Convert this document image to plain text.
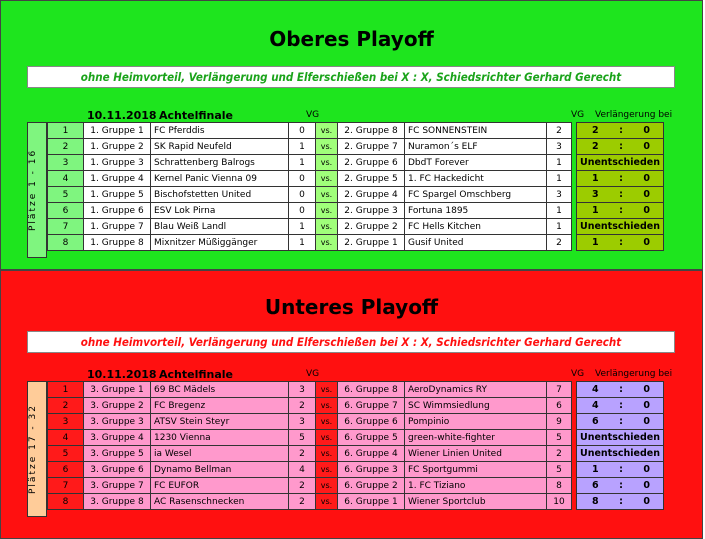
Oberes Playoff
ohne Heimvorteil, Verlängerung und Elferschießen bei X : X, Schiedsrichter Gerhard Gerecht
10.11.2018 Achtelfinale	VG	VG Verlängerung bei
Plätze 1 - 16
1	1. Gruppe 1	FC Pferddis	0	vs.	2. Gruppe 8	FC SONNENSTEIN	2		2 : 0

2	1. Gruppe 2	SK Rapid Neufeld	1	vs.	2. Gruppe 7	Nuramon´s ELF	3		2 : 0

3	1. Gruppe 3	Schrattenberg Balrogs	1	vs.	2. Gruppe 6	DbdT Forever	1		Unentschieden

4	1. Gruppe 4	Kernel Panic Vienna 09	0	vs.	2. Gruppe 5	1. FC Hackedicht	1		1 : 0

5	1. Gruppe 5	Bischofstetten United	0	vs.	2. Gruppe 4	FC Spargel Omschberg	3		3 : 0

6	1. Gruppe 6	ESV Lok Pirna	0	vs.	2. Gruppe 3	Fortuna 1895	1		1 : 0

7	1. Gruppe 7	Blau Weiß Landl	1	vs.	2. Gruppe 2	FC Hells Kitchen	1		Unentschieden

8	1. Gruppe 8	Mixnitzer Müßiggänger	1	vs.	2. Gruppe 1	Gusif United	2		1 : 0
Unteres Playoff
ohne Heimvorteil, Verlängerung und Elferschießen bei X : X, Schiedsrichter Gerhard Gerecht
10.11.2018 Achtelfinale	VG	VG Verlängerung bei
Plätze 17 - 32
1	3. Gruppe 1	69 BC Mädels	3	vs.	6. Gruppe 8	AeroDynamics RY	7		4 : 0

2	3. Gruppe 2	FC Bregenz	2	vs.	6. Gruppe 7	SC Wimmsiedlung	6		4 : 0

3	3. Gruppe 3	ATSV Stein Steyr	3	vs.	6. Gruppe 6	Pompinio	9		6 : 0

4	3. Gruppe 4	1230 Vienna	5	vs.	6. Gruppe 5	green-white-fighter	5		Unentschieden

5	3. Gruppe 5	ia Wesel	2	vs.	6. Gruppe 4	Wiener Linien United	2		Unentschieden

6	3. Gruppe 6	Dynamo Bellman	4	vs.	6. Gruppe 3	FC Sportgummi	5		1 : 0

7	3. Gruppe 7	FC EUFOR	2	vs.	6. Gruppe 2	1. FC Tiziano	8		6 : 0

8	3. Gruppe 8	AC Rasenschnecken	2	vs.	6. Gruppe 1	Wiener Sportclub	10		8 : 0
